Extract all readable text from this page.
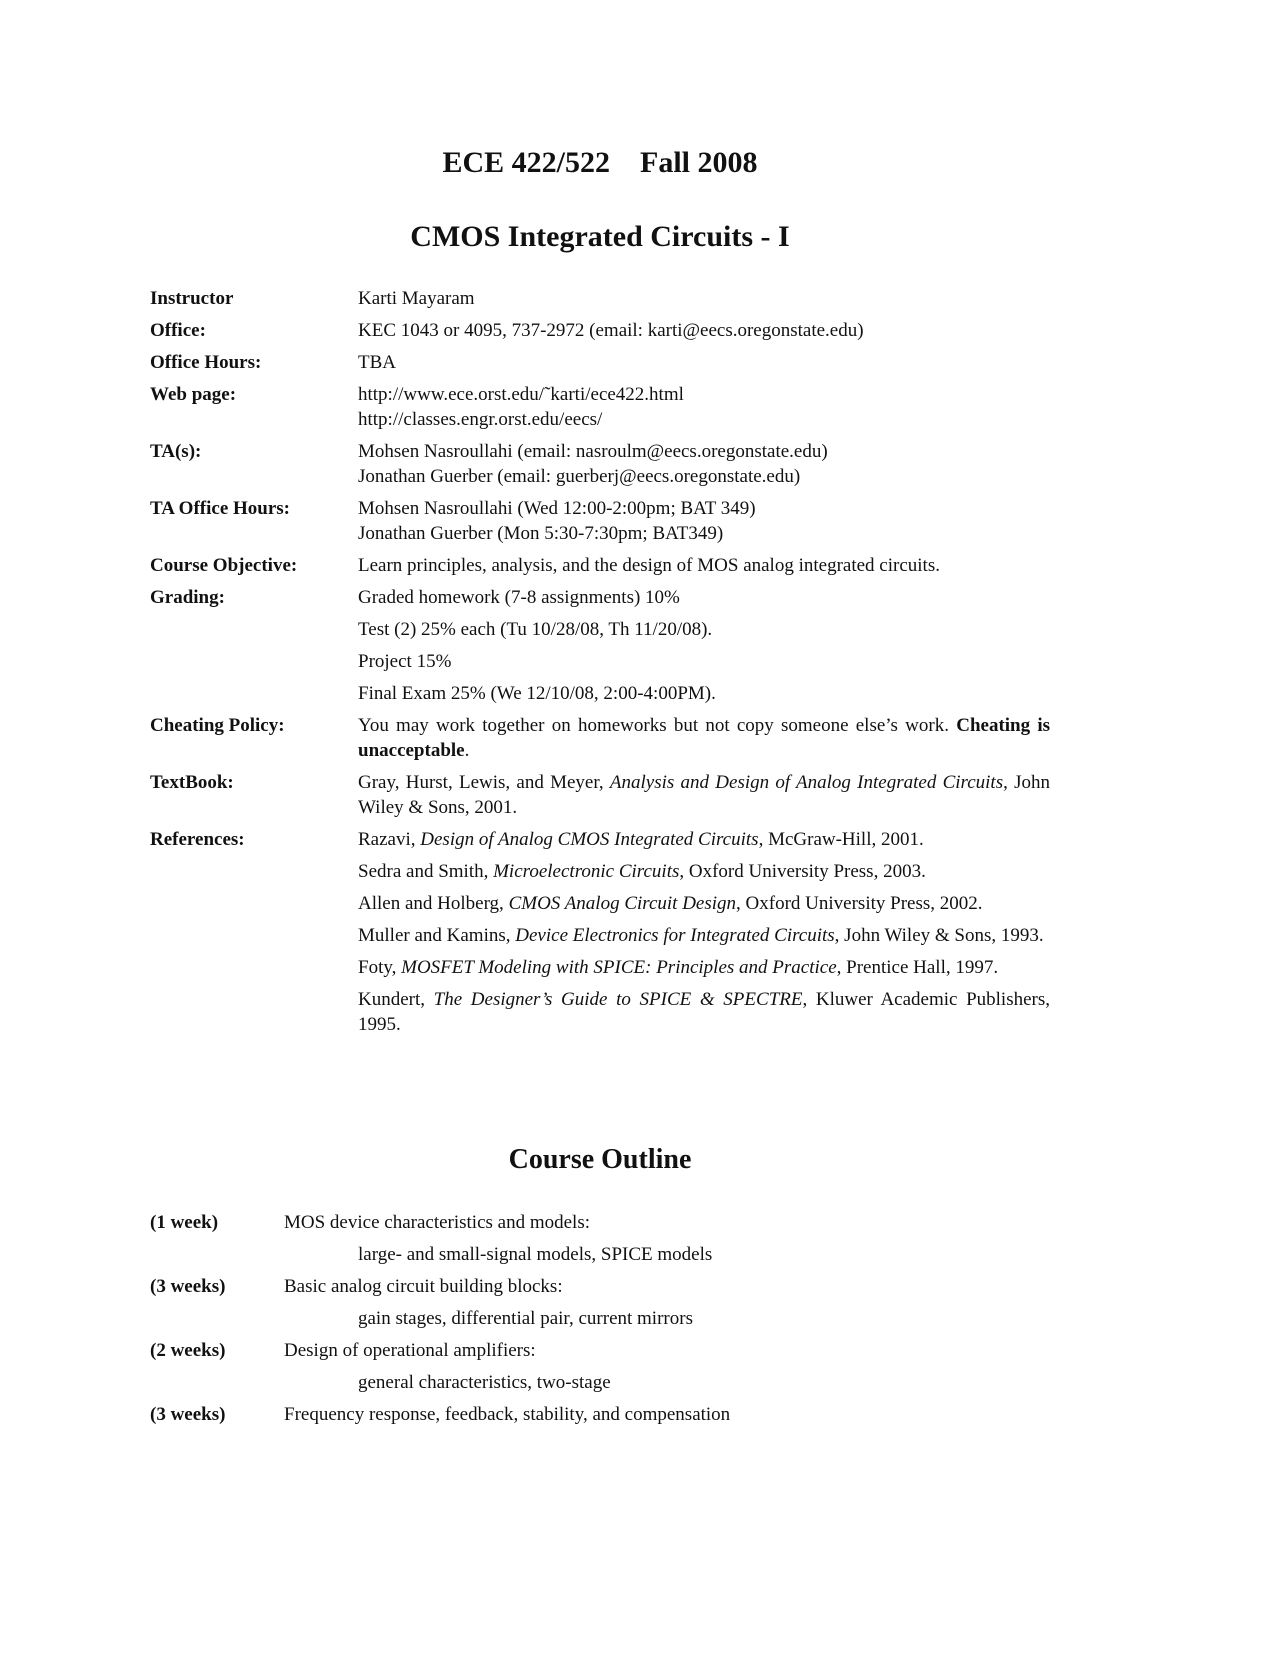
ECE 422/522    Fall 2008
CMOS Integrated Circuits - I
Instructor	Karti Mayaram
Office:	KEC 1043 or 4095, 737-2972 (email: karti@eecs.oregonstate.edu)
Office Hours:	TBA
Web page:	http://www.ece.orst.edu/˜karti/ece422.html
http://classes.engr.orst.edu/eecs/
TA(s):	Mohsen Nasroullahi (email: nasroulm@eecs.oregonstate.edu)
Jonathan Guerber (email: guerberj@eecs.oregonstate.edu)
TA Office Hours:	Mohsen Nasroullahi (Wed 12:00-2:00pm; BAT 349)
Jonathan Guerber (Mon 5:30-7:30pm; BAT349)
Course Objective:	Learn principles, analysis, and the design of MOS analog integrated circuits.
Grading:	Graded homework (7-8 assignments) 10%
Test (2) 25% each (Tu 10/28/08, Th 11/20/08).
Project 15%
Final Exam 25% (We 12/10/08, 2:00-4:00PM).
Cheating Policy:	You may work together on homeworks but not copy someone else’s work. Cheating is unacceptable.
TextBook:	Gray, Hurst, Lewis, and Meyer, Analysis and Design of Analog Integrated Circuits, John Wiley & Sons, 2001.
References:	Razavi, Design of Analog CMOS Integrated Circuits, McGraw-Hill, 2001.
Sedra and Smith, Microelectronic Circuits, Oxford University Press, 2003.
Allen and Holberg, CMOS Analog Circuit Design, Oxford University Press, 2002.
Muller and Kamins, Device Electronics for Integrated Circuits, John Wiley & Sons, 1993.
Foty, MOSFET Modeling with SPICE: Principles and Practice, Prentice Hall, 1997.
Kundert, The Designer’s Guide to SPICE & SPECTRE, Kluwer Academic Publishers, 1995.
Course Outline
(1 week)	MOS device characteristics and models:
large- and small-signal models, SPICE models
(3 weeks)	Basic analog circuit building blocks:
gain stages, differential pair, current mirrors
(2 weeks)	Design of operational amplifiers:
general characteristics, two-stage
(3 weeks)	Frequency response, feedback, stability, and compensation
